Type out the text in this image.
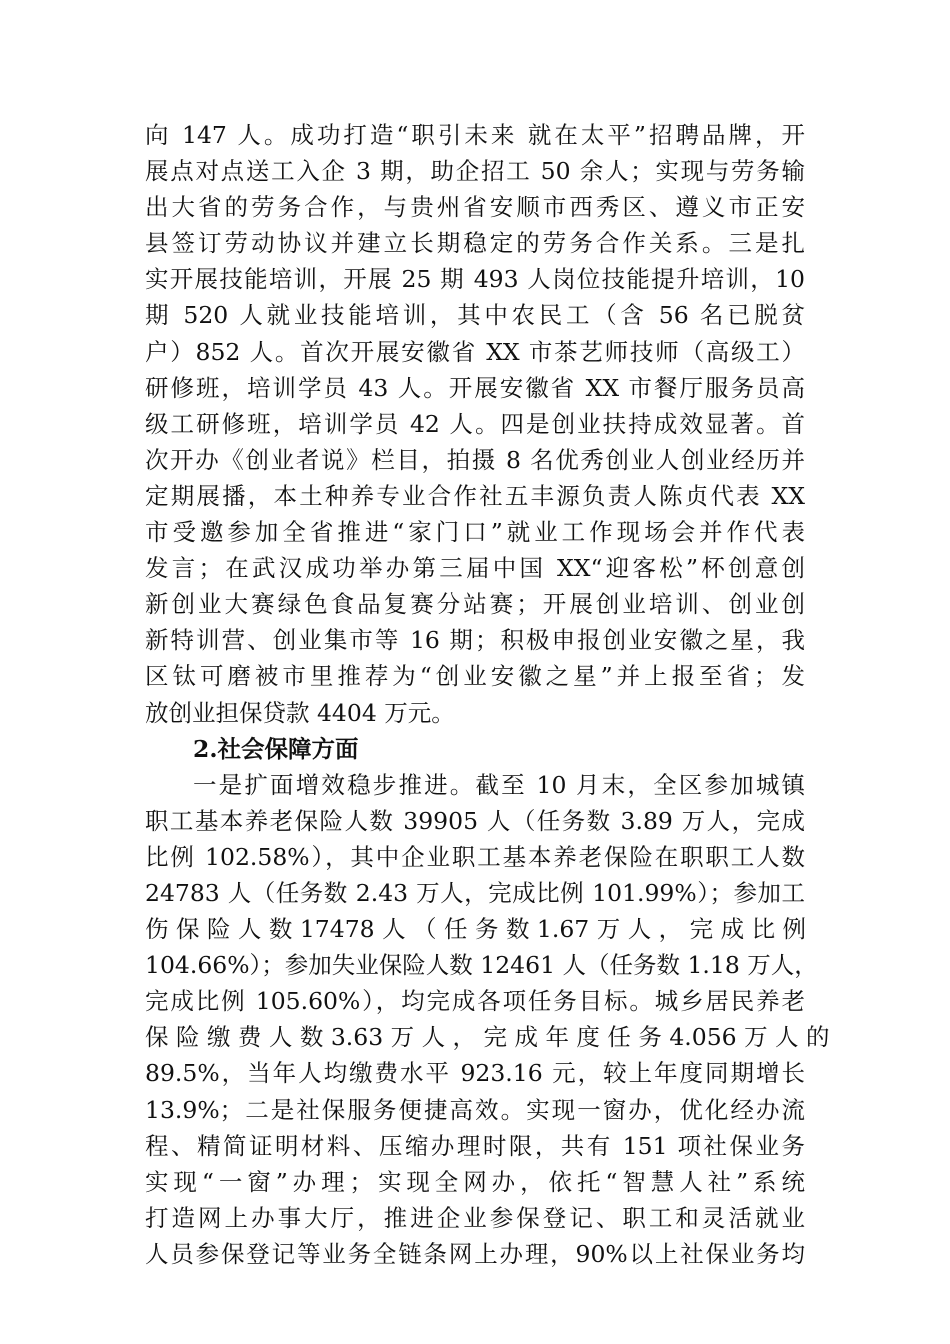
向 147 人。成功打造“职引未来 就在太平”招聘品牌，开
展点对点送工入企 3 期，助企招工 50 余人；实现与劳务输
出大省的劳务合作，与贵州省安顺市西秀区、遵义市正安
县签订劳动协议并建立长期稳定的劳务合作关系。三是扎
实开展技能培训，开展 25 期 493 人岗位技能提升培训，10
期 520 人就业技能培训，其中农民工（含 56 名已脱贫
户）852 人。首次开展安徽省 XX 市茶艺师技师（高级工）
研修班，培训学员 43 人。开展安徽省 XX 市餐厅服务员高
级工研修班，培训学员 42 人。四是创业扶持成效显著。首
次开办《创业者说》栏目，拍摄 8 名优秀创业人创业经历并
定期展播，本土种养专业合作社五丰源负责人陈贞代表 XX
市受邀参加全省推进“家门口”就业工作现场会并作代表
发言；在武汉成功举办第三届中国 XX“迎客松”杯创意创
新创业大赛绿色食品复赛分站赛；开展创业培训、创业创
新特训营、创业集市等 16 期；积极申报创业安徽之星，我
区钛可磨被市里推荐为“创业安徽之星”并上报至省；发
放创业担保贷款 4404 万元。
2.社会保障方面
一是扩面增效稳步推进。截至 10 月末，全区参加城镇
职工基本养老保险人数 39905 人（任务数 3.89 万人，完成
比例 102.58%），其中企业职工基本养老保险在职职工人数
24783 人（任务数 2.43 万人，完成比例 101.99%）；参加工
伤 保 险 人 数 17478 人 （ 任 务 数 1.67 万 人 ， 完 成 比 例
104.66%）；参加失业保险人数 12461 人（任务数 1.18 万人，
完成比例 105.60%），均完成各项任务目标。城乡居民养老
保 险 缴 费 人 数 3.63 万 人 ， 完 成 年 度 任 务 4.056 万 人 的
89.5%，当年人均缴费水平 923.16 元，较上年度同期增长
13.9%；二是社保服务便捷高效。实现一窗办，优化经办流
程、精简证明材料、压缩办理时限，共有 151 项社保业务
实现“一窗”办理；实现全网办，依托“智慧人社”系统
打造网上办事大厅，推进企业参保登记、职工和灵活就业
人员参保登记等业务全链条网上办理，90%以上社保业务均
